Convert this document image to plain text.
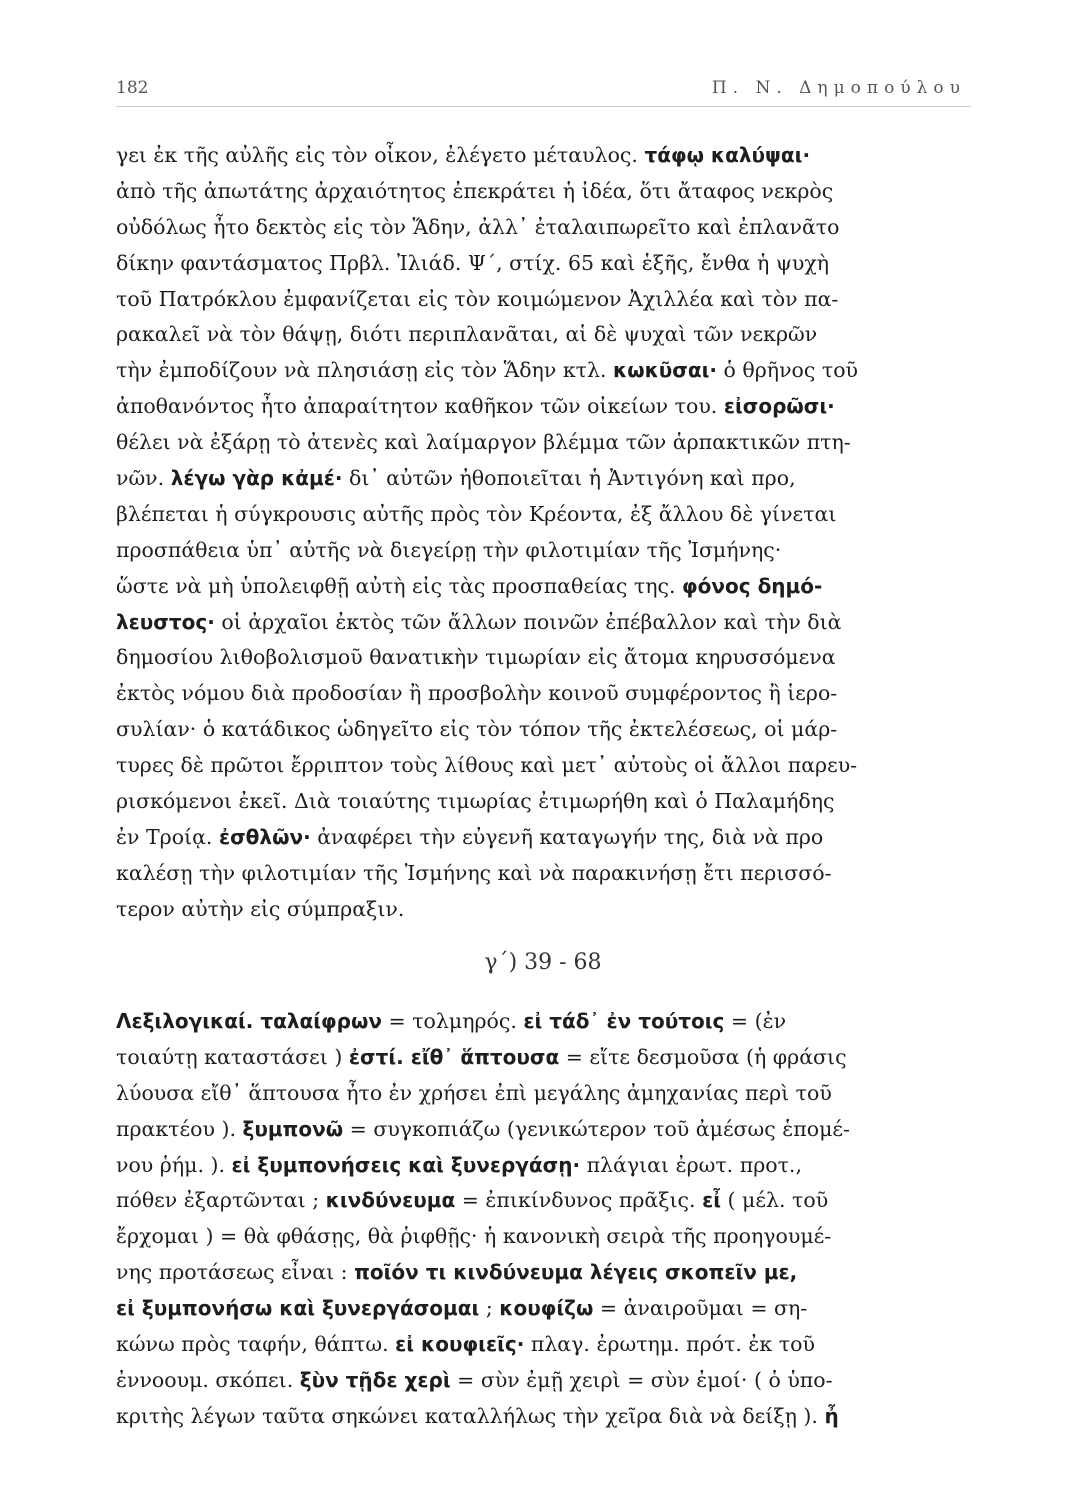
182	Π. Ν. Δημοπούλου
γει ἐκ τῆς αὐλῆς εἰς τὸν οἶκον, ἐλέγετο μέταυλος. τάφῳ καλύψαι·
ἀπὸ τῆς ἀπωτάτης ἀρχαιότητος ἐπεκράτει ἡ ἰδέα, ὅτι ἄταφος νεκρὸς
οὐδόλως ἦτο δεκτὸς εἰς τὸν Ἅδην, ἀλλ᾽ ἐταλαιπωρεῖτο καὶ ἐπλανᾶτο
δίκην φαντάσματος Πρβλ. Ἰλιάδ. Ψ΄, στίχ. 65 καὶ ἑξῆς, ἔνθα ἡ ψυχὴ
τοῦ Πατρόκλου ἐμφανίζεται εἰς τὸν κοιμώμενον Ἀχιλλέα καὶ τὸν πα-
ρακαλεῖ νὰ τὸν θάψῃ, διότι περιπλανᾶται, αἱ δὲ ψυχαὶ τῶν νεκρῶν
τὴν ἐμποδίζουν νὰ πλησιάσῃ εἰς τὸν Ἅδην κτλ. κωκῦσαι· ὁ θρῆνος τοῦ
ἀποθανόντος ἦτο ἀπαραίτητον καθῆκον τῶν οἰκείων του. εἰσορῶσι·
θέλει νὰ ἐξάρῃ τὸ ἀτενὲς καὶ λαίμαργον βλέμμα τῶν ἁρπακτικῶν πτη-
νῶν. λέγω γὰρ κἀμέ· δι᾽ αὐτῶν ἠθοποιεῖται ἡ Ἀντιγόνη καὶ προ,
βλέπεται ἡ σύγκρουσις αὐτῆς πρὸς τὸν Κρέοντα, ἐξ ἄλλου δὲ γίνεται
προσπάθεια ὑπ᾽ αὐτῆς νὰ διεγείρῃ τὴν φιλοτιμίαν τῆς Ἰσμήνης·
ὥστε νὰ μὴ ὑπολειφθῇ αὐτὴ εἰς τὰς προσπαθείας της. φόνος δημό-
λευστος· οἱ ἀρχαῖοι ἐκτὸς τῶν ἄλλων ποινῶν ἐπέβαλλον καὶ τὴν διὰ
δημοσίου λιθοβολισμοῦ θανατικὴν τιμωρίαν εἰς ἄτομα κηρυσσόμενα
ἐκτὸς νόμου διὰ προδοσίαν ἢ προσβολὴν κοινοῦ συμφέροντος ἢ ἱερο-
συλίαν· ὁ κατάδικος ὡδηγεῖτο εἰς τὸν τόπον τῆς ἐκτελέσεως, οἱ μάρ-
τυρες δὲ πρῶτοι ἔρριπτον τοὺς λίθους καὶ μετ᾽ αὐτοὺς οἱ ἄλλοι παρευ-
ρισκόμενοι ἐκεῖ. Διὰ τοιαύτης τιμωρίας ἐτιμωρήθη καὶ ὁ Παλαμήδης
ἐν Τροίᾳ. ἐσθλῶν· ἀναφέρει τὴν εὐγενῆ καταγωγήν της, διὰ νὰ προ
καλέσῃ τὴν φιλοτιμίαν τῆς Ἰσμήνης καὶ νὰ παρακινήσῃ ἔτι περισσό-
τερον αὐτὴν εἰς σύμπραξιν.
γ΄) 39 - 68
Λεξιλογικαί. ταλαίφρων = τολμηρός. εἰ τάδ᾽ ἐν τούτοις = (ἐν
τοιαύτῃ καταστάσει ) ἐστί. εἴθ᾽ ἅπτουσα = εἴτε δεσμοῦσα (ἡ φράσις
λύουσα εἴθ᾽ ἅπτουσα ἦτο ἐν χρήσει ἐπὶ μεγάλης ἀμηχανίας περὶ τοῦ
πρακτέου ). ξυμπονῶ = συγκοπιάζω (γενικώτερον τοῦ ἀμέσως ἑπομέ-
νου ῥήμ. ). εἰ ξυμπονήσεις καὶ ξυνεργάσῃ· πλάγιαι ἐρωτ. προτ.,
πόθεν ἐξαρτῶνται ; κινδύνευμα = ἐπικίνδυνος πρᾶξις. εἶ ( μέλ. τοῦ
ἔρχομαι ) = θὰ φθάσῃς, θὰ ῥιφθῇς· ἡ κανονικὴ σειρὰ τῆς προηγουμέ-
νης προτάσεως εἶναι : ποῖόν τι κινδύνευμα λέγεις σκοπεῖν με,
εἰ ξυμπονήσω καὶ ξυνεργάσομαι ; κουφίζω = ἀναιροῦμαι = ση-
κώνω πρὸς ταφήν, θάπτω. εἰ κουφιεῖς· πλαγ. ἐρωτημ. πρότ. ἐκ τοῦ
ἐννοουμ. σκόπει. ξὺν τῇδε χερὶ = σὺν ἐμῇ χειρὶ = σὺν ἐμοί· ( ὁ ὑπο-
κριτὴς λέγων ταῦτα σηκώνει καταλλήλως τὴν χεῖρα διὰ νὰ δείξῃ ). ἦ
